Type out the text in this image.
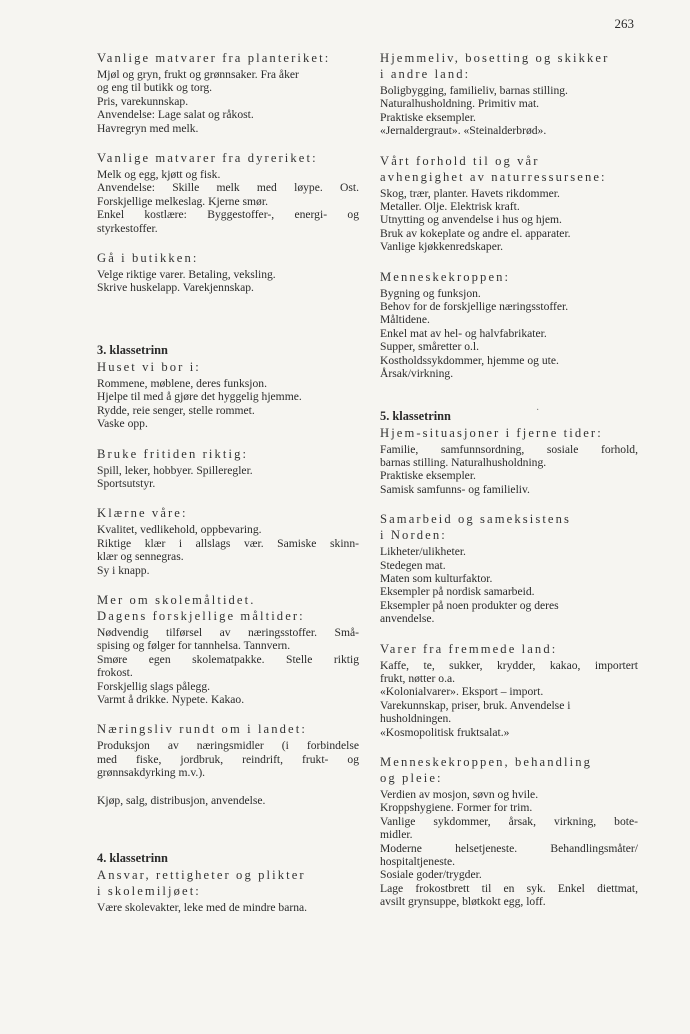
263
Vanlige matvarer fra planteriket:
Mjøl og gryn, frukt og grønnsaker. Fra åker
og eng til butikk og torg.
Pris, varekunnskap.
Anvendelse: Lage salat og råkost.
Havregryn med melk.
Vanlige matvarer fra dyreriket:
Melk og egg, kjøtt og fisk.
Anvendelse: Skille melk med løype. Ost.
Forskjellige melkeslag. Kjerne smør.
Enkel kostlære: Byggestoffer-, energi- og
styrkestoffer.
Gå i butikken:
Velge riktige varer. Betaling, veksling.
Skrive huskelapp. Varekjennskap.
3. klassetrinn
Huset vi bor i:
Rommene, møblene, deres funksjon.
Hjelpe til med å gjøre det hyggelig hjemme.
Rydde, reie senger, stelle rommet.
Vaske opp.
Bruke fritiden riktig:
Spill, leker, hobbyer. Spilleregler.
Sportsutstyr.
Klærne våre:
Kvalitet, vedlikehold, oppbevaring.
Riktige klær i allslags vær. Samiske skinn-
klær og sennegras.
Sy i knapp.
Mer om skolemåltidet.
Dagens forskjellige måltider:
Nødvendig tilførsel av næringsstoffer. Små-
spising og følger for tannhelsa. Tannvern.
Smøre egen skolematpakke. Stelle riktig
frokost.
Forskjellig slags pålegg.
Varmt å drikke. Nypete. Kakao.
Næringsliv rundt om i landet:
Produksjon av næringsmidler (i forbindelse
med fiske, jordbruk, reindrift, frukt- og
grønnsakdyrking m.v.).
Kjøp, salg, distribusjon, anvendelse.
4. klassetrinn
Ansvar, rettigheter og plikter
i skolemiljøet:
Være skolevakter, leke med de mindre barna.
Hjemmeliv, bosetting og skikker
i andre land:
Boligbygging, familieliv, barnas stilling.
Naturalhusholdning. Primitiv mat.
Praktiske eksempler.
«Jernaldergraut». «Steinalderbrød».
Vårt forhold til og vår
avhengighet av naturressursene:
Skog, trær, planter. Havets rikdommer.
Metaller. Olje. Elektrisk kraft.
Utnytting og anvendelse i hus og hjem.
Bruk av kokeplate og andre el. apparater.
Vanlige kjøkkenredskaper.
Menneskekroppen:
Bygning og funksjon.
Behov for de forskjellige næringsstoffer.
Måltidene.
Enkel mat av hel- og halvfabrikater.
Supper, småretter o.l.
Kostholdssykdommer, hjemme og ute.
Årsak/virkning.
5. klassetrinn
Hjem-situasjoner i fjerne tider:
Familie, samfunnsordning, sosiale forhold,
barnas stilling. Naturalhusholdning.
Praktiske eksempler.
Samisk samfunns- og familieliv.
Samarbeid og sameksistens
i Norden:
Likheter/ulikheter.
Stedegen mat.
Maten som kulturfaktor.
Eksempler på nordisk samarbeid.
Eksempler på noen produkter og deres
anvendelse.
Varer fra fremmede land:
Kaffe, te, sukker, krydder, kakao, importert
frukt, nøtter o.a.
«Kolonialvarer». Eksport – import.
Varekunnskap, priser, bruk. Anvendelse i
husholdningen.
«Kosmopolitisk fruktsalat.»
Menneskekroppen, behandling
og pleie:
Verdien av mosjon, søvn og hvile.
Kroppshygiene. Former for trim.
Vanlige sykdommer, årsak, virkning, bote-
midler.
Moderne helsetjeneste. Behandlingsmåter/
hospitaltjeneste.
Sosiale goder/trygder.
Lage frokostbrett til en syk. Enkel diettmat,
avsilt grynsuppe, bløtkokt egg, loff.
·
